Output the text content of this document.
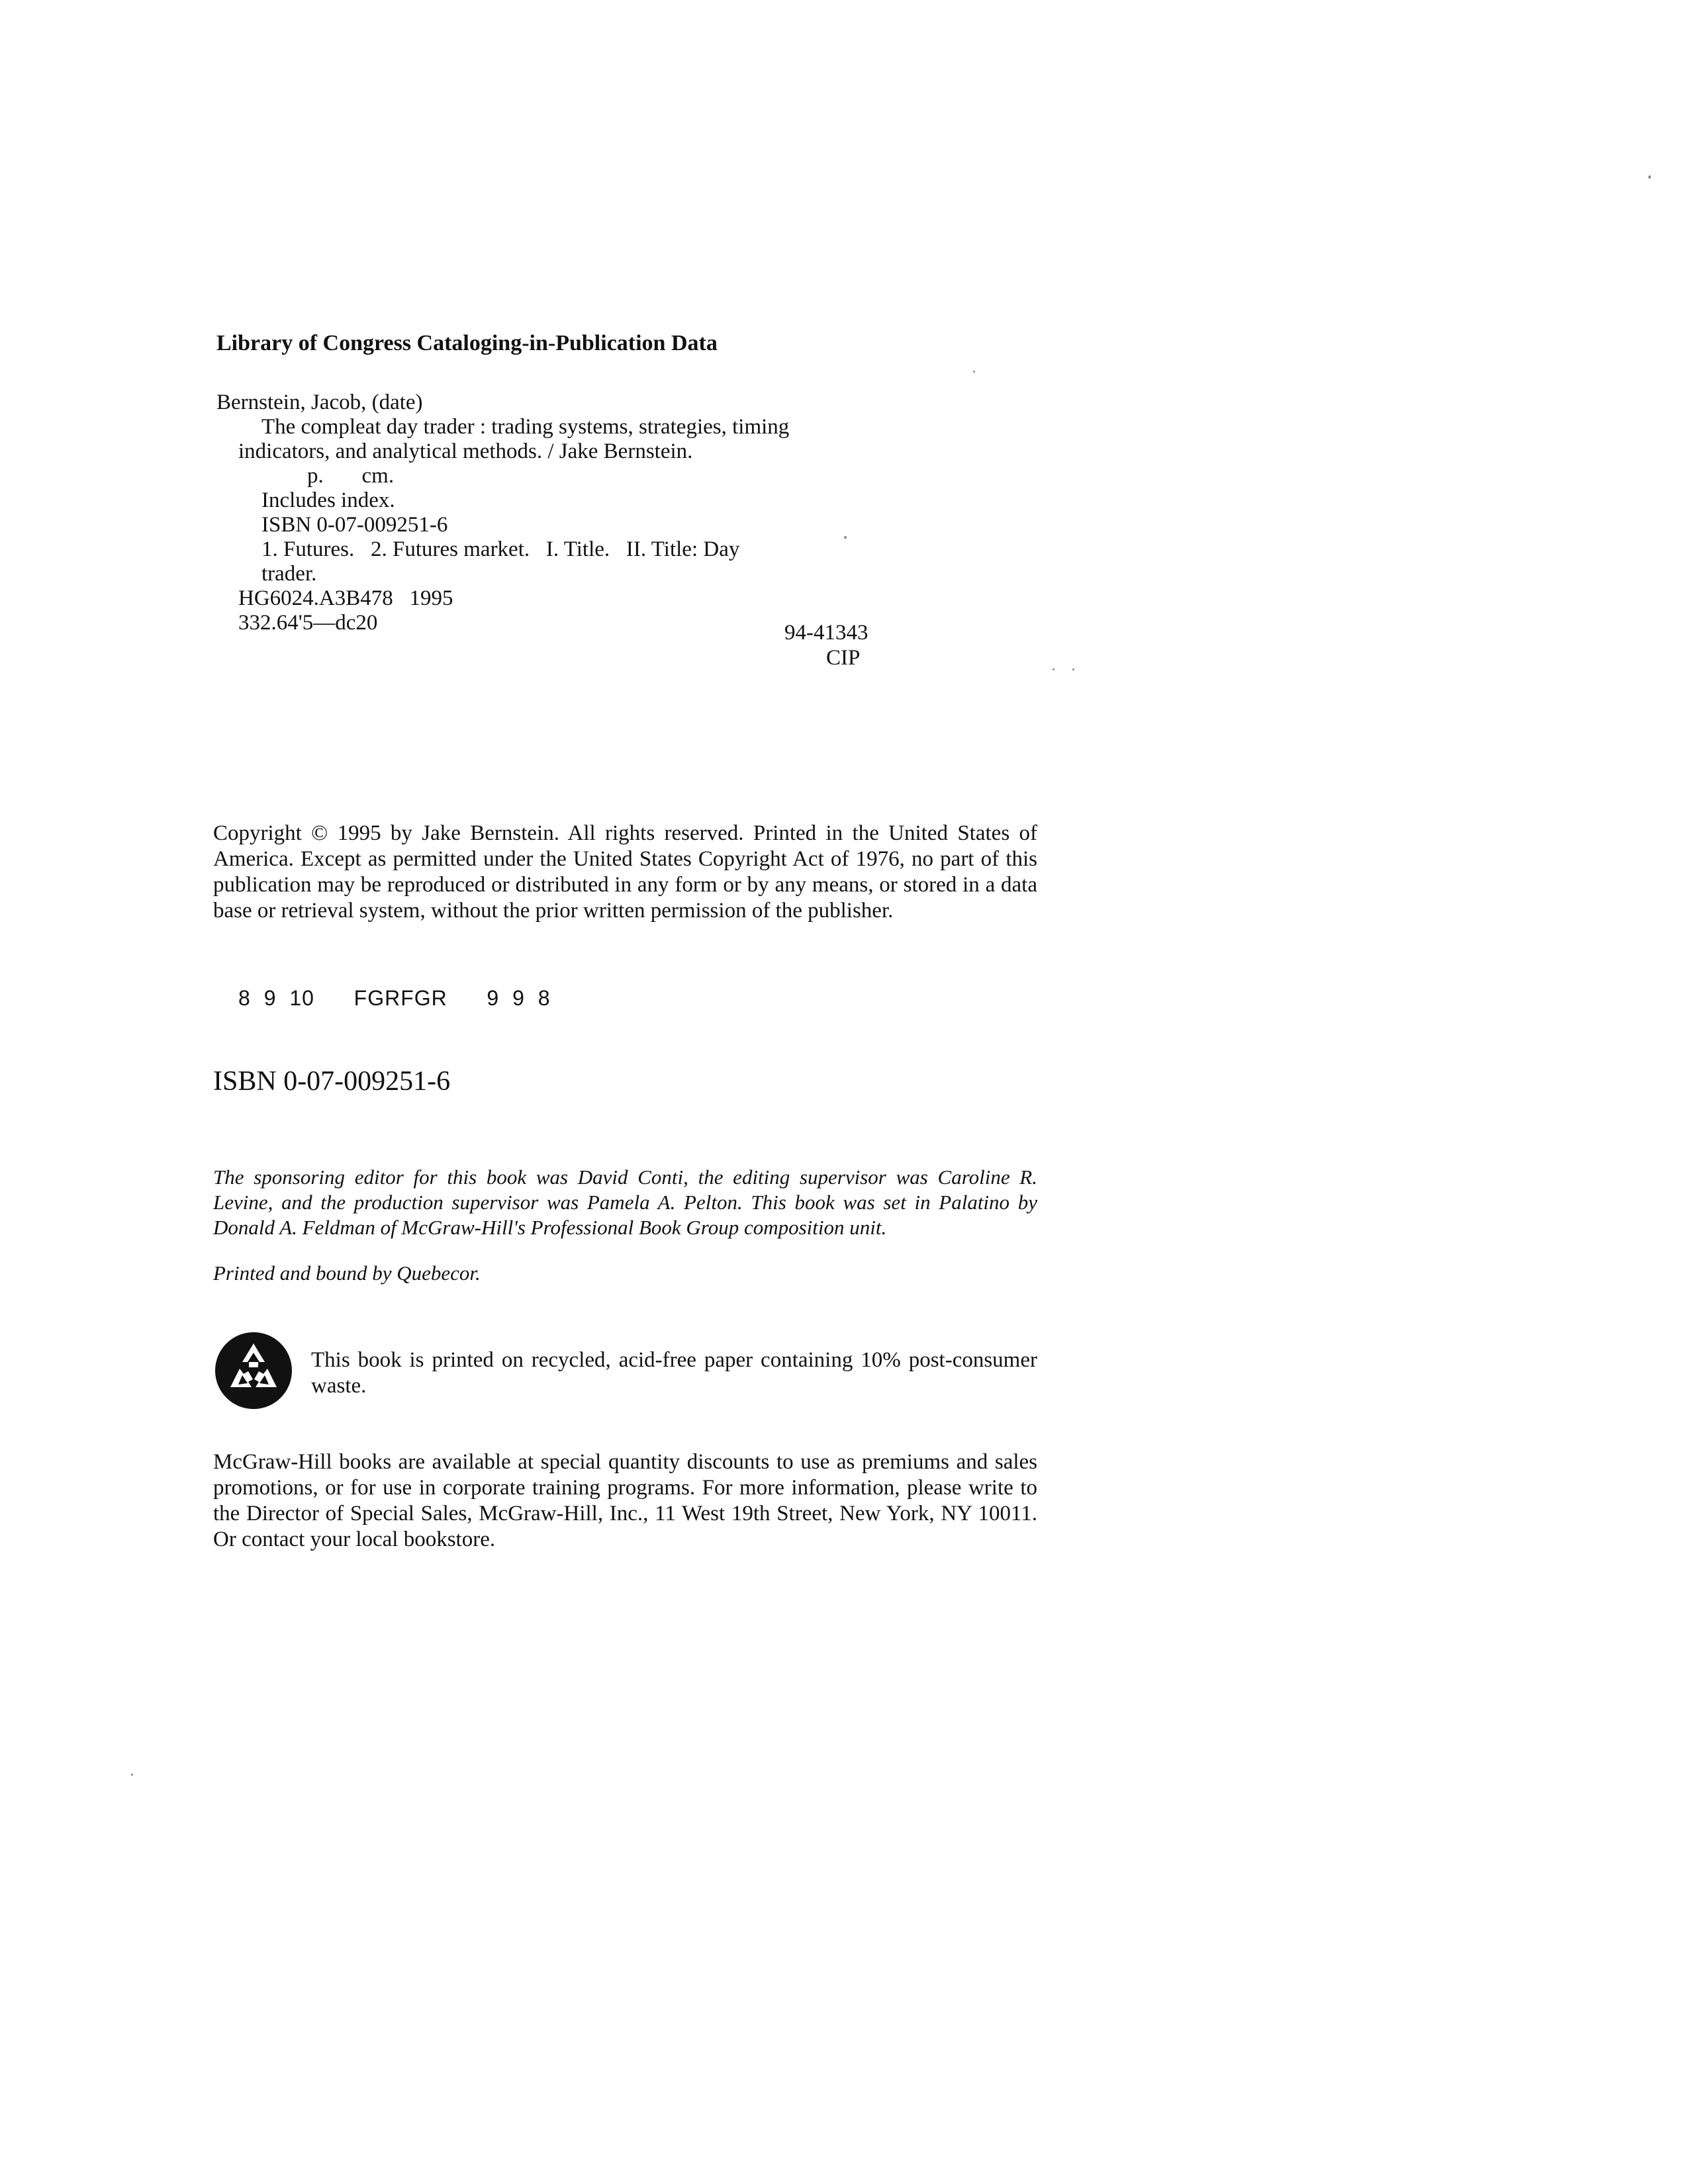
Library of Congress Cataloging-in-Publication Data
Bernstein, Jacob, (date)
The compleat day trader : trading systems, strategies, timing
indicators, and analytical methods. / Jake Bernstein.
p.       cm.
Includes index.
ISBN 0-07-009251-6
1. Futures.   2. Futures market.   I. Title.   II. Title: Day
trader.
HG6024.A3B478   1995
332.64'5—dc20	94-41343
CIP
Copyright © 1995 by Jake Bernstein. All rights reserved. Printed in the United States of America. Except as permitted under the United States Copyright Act of 1976, no part of this publication may be reproduced or distributed in any form or by any means, or stored in a data base or retrieval system, without the prior written permission of the publisher.
8 9 10   FGRFGR   9 9 8
ISBN 0-07-009251-6
The sponsoring editor for this book was David Conti, the editing supervisor was Caroline R. Levine, and the production supervisor was Pamela A. Pelton. This book was set in Palatino by Donald A. Feldman of McGraw-Hill's Professional Book Group composition unit.
Printed and bound by Quebecor.
This book is printed on recycled, acid-free paper containing 10% post-consumer waste.
McGraw-Hill books are available at special quantity discounts to use as premiums and sales promotions, or for use in corporate training programs. For more information, please write to the Director of Special Sales, McGraw-Hill, Inc., 11 West 19th Street, New York, NY 10011. Or contact your local bookstore.
